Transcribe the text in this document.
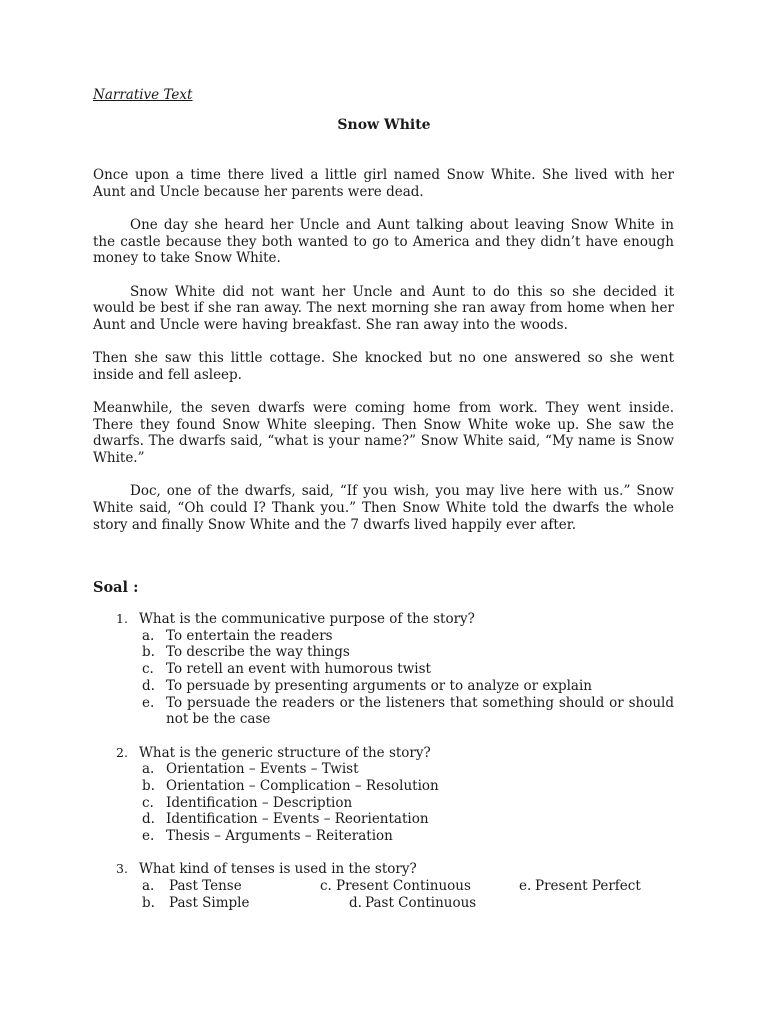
Narrative Text
Snow White

Once upon a time there lived a little girl named Snow White. She lived with her Aunt and Uncle because her parents were dead.

One day she heard her Uncle and Aunt talking about leaving Snow White in the castle because they both wanted to go to America and they didn’t have enough money to take Snow White.

Snow White did not want her Uncle and Aunt to do this so she decided it would be best if she ran away. The next morning she ran away from home when her Aunt and Uncle were having breakfast. She ran away into the woods.

Then she saw this little cottage. She knocked but no one answered so she went inside and fell asleep.

Meanwhile, the seven dwarfs were coming home from work. They went inside. There they found Snow White sleeping. Then Snow White woke up. She saw the dwarfs. The dwarfs said, “what is your name?” Snow White said, “My name is Snow White.”

Doc, one of the dwarfs, said, “If you wish, you may live here with us.” Snow White said, “Oh could I? Thank you.” Then Snow White told the dwarfs the whole story and finally Snow White and the 7 dwarfs lived happily ever after.

Soal :
1. What is the communicative purpose of the story?
a. To entertain the readers
b. To describe the way things
c. To retell an event with humorous twist
d. To persuade by presenting arguments or to analyze or explain
e. To persuade the readers or the listeners that something should or should not be the case
2. What is the generic structure of the story?
a. Orientation – Events – Twist
b. Orientation – Complication – Resolution
c. Identification – Description
d. Identification – Events – Reorientation
e. Thesis – Arguments – Reiteration
3. What kind of tenses is used in the story?
a. Past Tense	c. Present Continuous	e. Present Perfect
b. Past Simple	d. Past Continuous
